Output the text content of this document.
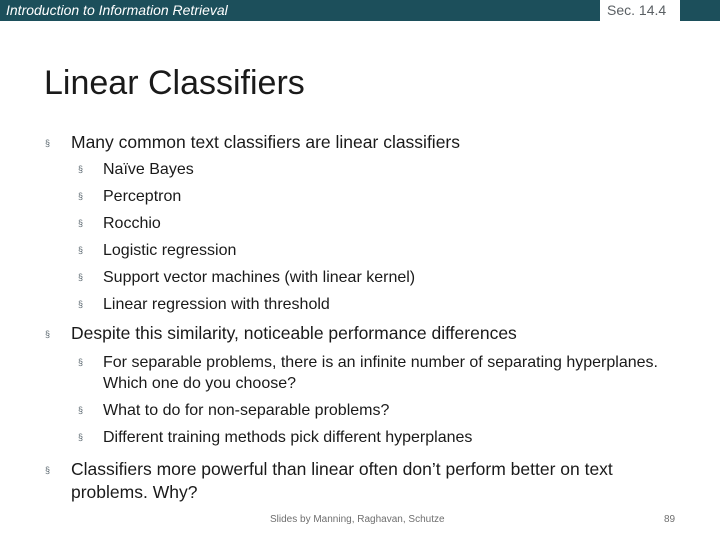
Introduction to Information Retrieval	Sec. 14.4
Linear Classifiers
§ Many common text classifiers are linear classifiers
§ Naïve Bayes
§ Perceptron
§ Rocchio
§ Logistic regression
§ Support vector machines (with linear kernel)
§ Linear regression with threshold
§ Despite this similarity, noticeable performance differences
§ For separable problems, there is an infinite number of separating hyperplanes. Which one do you choose?
§ What to do for non-separable problems?
§ Different training methods pick different hyperplanes
§ Classifiers more powerful than linear often don’t perform better on text problems. Why?
Slides by Manning, Raghavan, Schutze	89
